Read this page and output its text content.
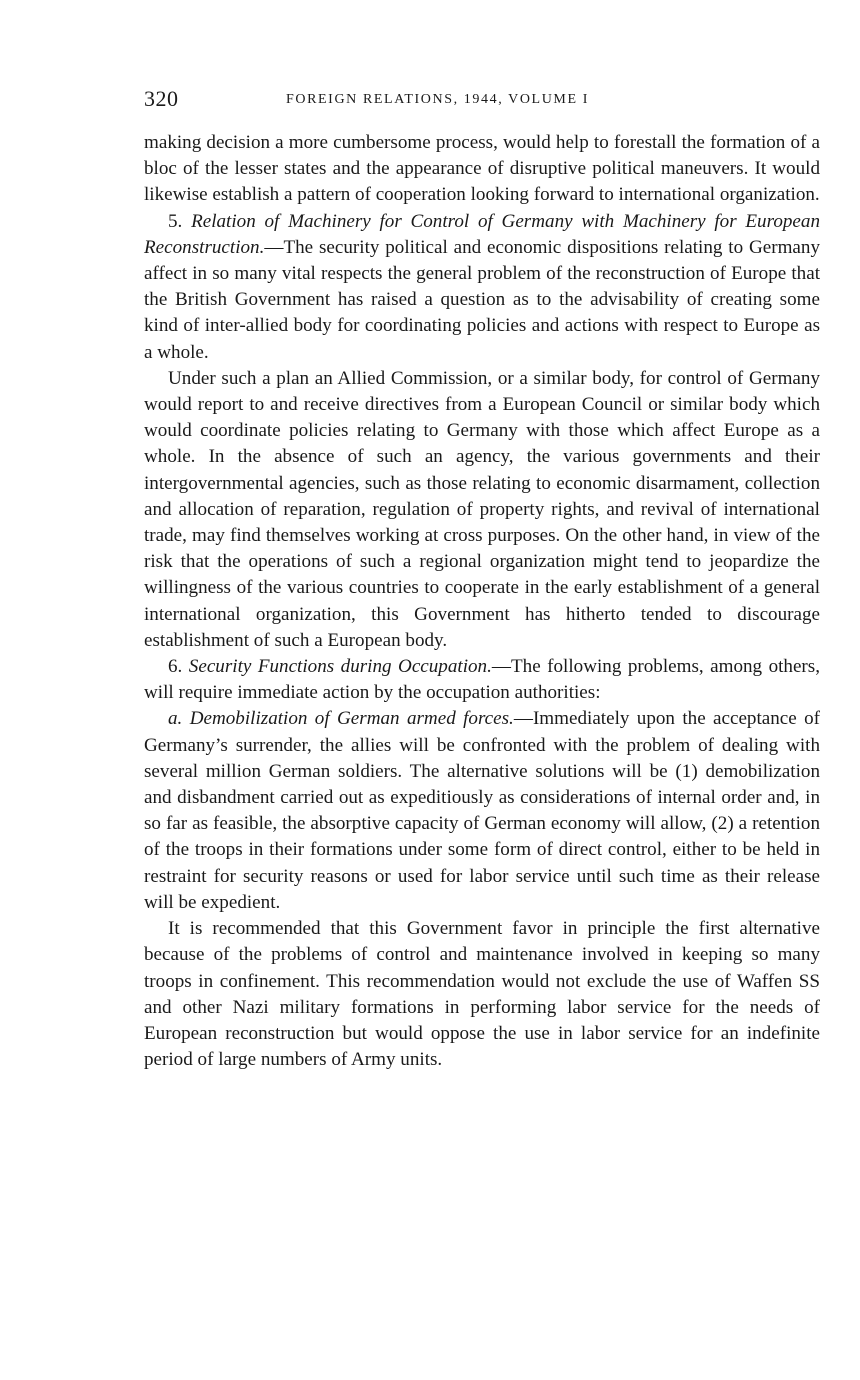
320	FOREIGN RELATIONS, 1944, VOLUME I

making decision a more cumbersome process, would help to forestall the formation of a bloc of the lesser states and the appearance of disruptive political maneuvers. It would likewise establish a pattern of cooperation looking forward to international organization.

5. Relation of Machinery for Control of Germany with Machinery for European Reconstruction.—The security political and economic dispositions relating to Germany affect in so many vital respects the general problem of the reconstruction of Europe that the British Government has raised a question as to the advisability of creating some kind of inter-allied body for coordinating policies and actions with respect to Europe as a whole.

Under such a plan an Allied Commission, or a similar body, for control of Germany would report to and receive directives from a European Council or similar body which would coordinate policies relating to Germany with those which affect Europe as a whole. In the absence of such an agency, the various governments and their intergovernmental agencies, such as those relating to economic disarmament, collection and allocation of reparation, regulation of property rights, and revival of international trade, may find themselves working at cross purposes. On the other hand, in view of the risk that the operations of such a regional organization might tend to jeopardize the willingness of the various countries to cooperate in the early establishment of a general international organization, this Government has hitherto tended to discourage establishment of such a European body.

6. Security Functions during Occupation.—The following problems, among others, will require immediate action by the occupation authorities:

a. Demobilization of German armed forces.—Immediately upon the acceptance of Germany’s surrender, the allies will be confronted with the problem of dealing with several million German soldiers. The alternative solutions will be (1) demobilization and disbandment carried out as expeditiously as considerations of internal order and, in so far as feasible, the absorptive capacity of German economy will allow, (2) a retention of the troops in their formations under some form of direct control, either to be held in restraint for security reasons or used for labor service until such time as their release will be expedient.

It is recommended that this Government favor in principle the first alternative because of the problems of control and maintenance involved in keeping so many troops in confinement. This recommendation would not exclude the use of Waffen SS and other Nazi military formations in performing labor service for the needs of European reconstruction but would oppose the use in labor service for an indefinite period of large numbers of Army units.
